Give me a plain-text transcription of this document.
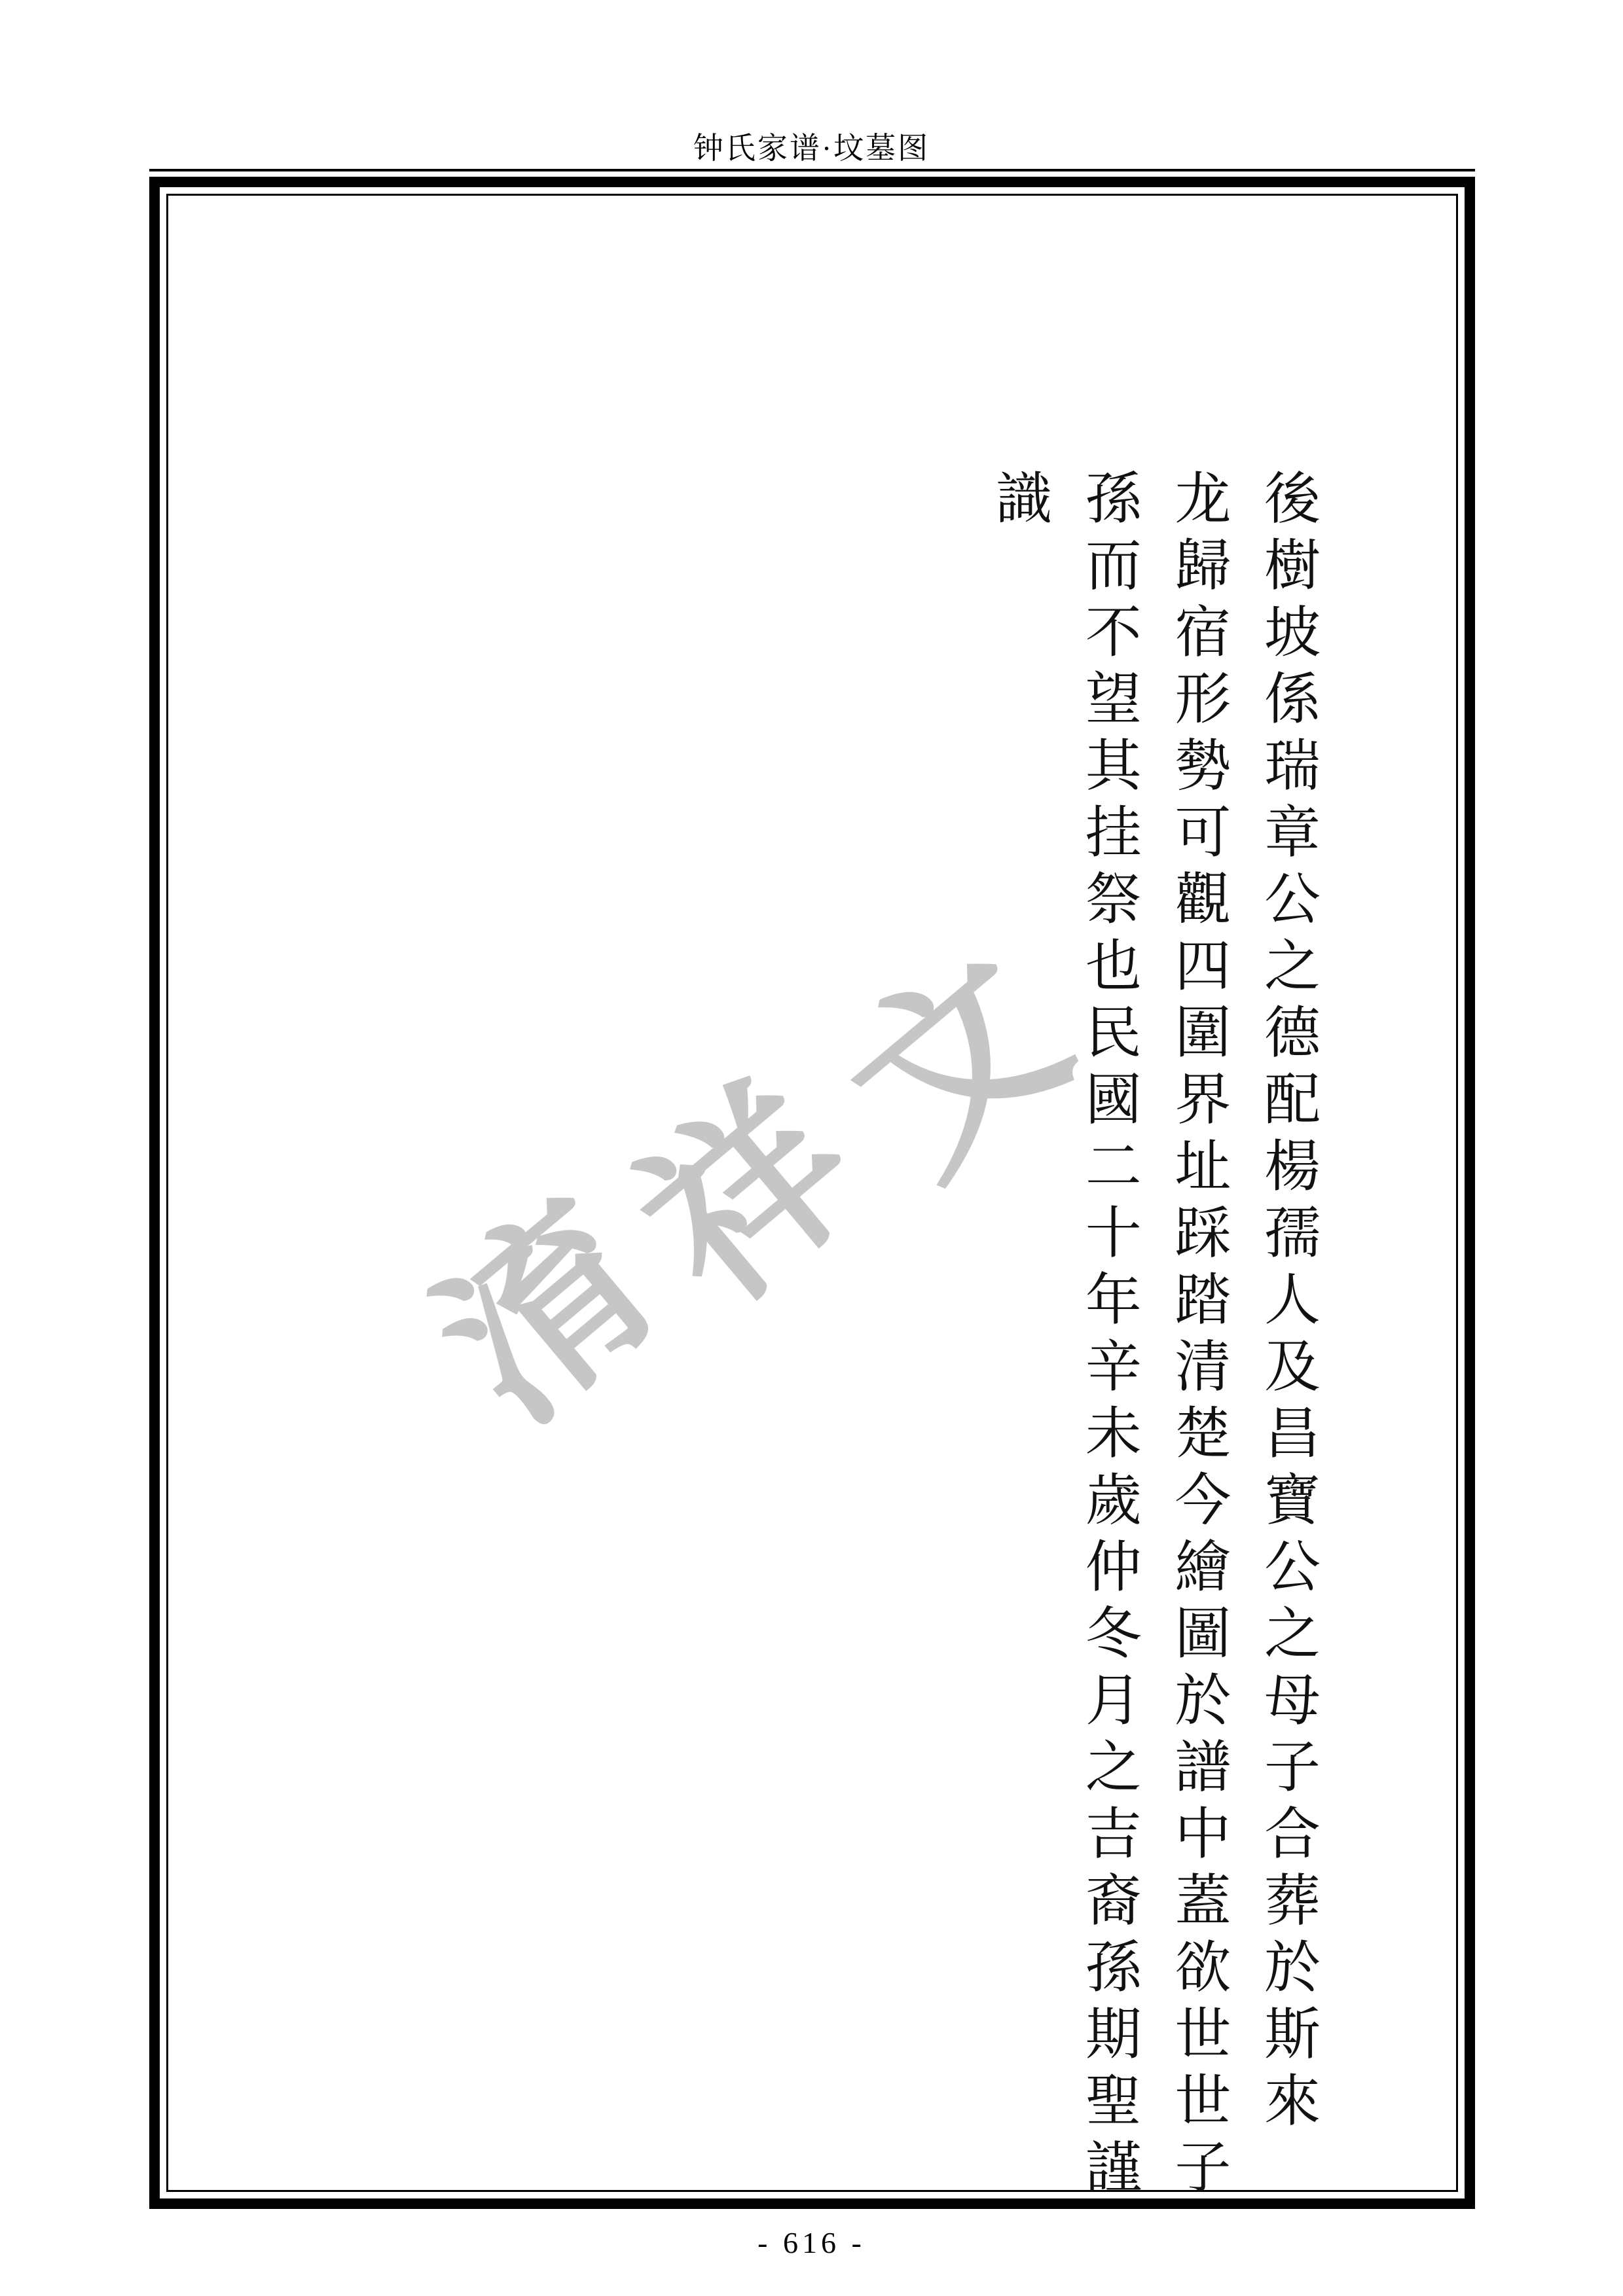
钟氏家谱·坟墓图
淯
祥
文
識 孫而不望其挂祭也民國二十年辛未歲仲冬月之吉裔孫期聖謹 龙歸宿形勢可觀四圍界址踩踏清楚今繪圖於譜中蓋欲世世子 後樹坡係瑞章公之德配楊孺人及昌寶公之母子合葬於斯來
- 616 -
